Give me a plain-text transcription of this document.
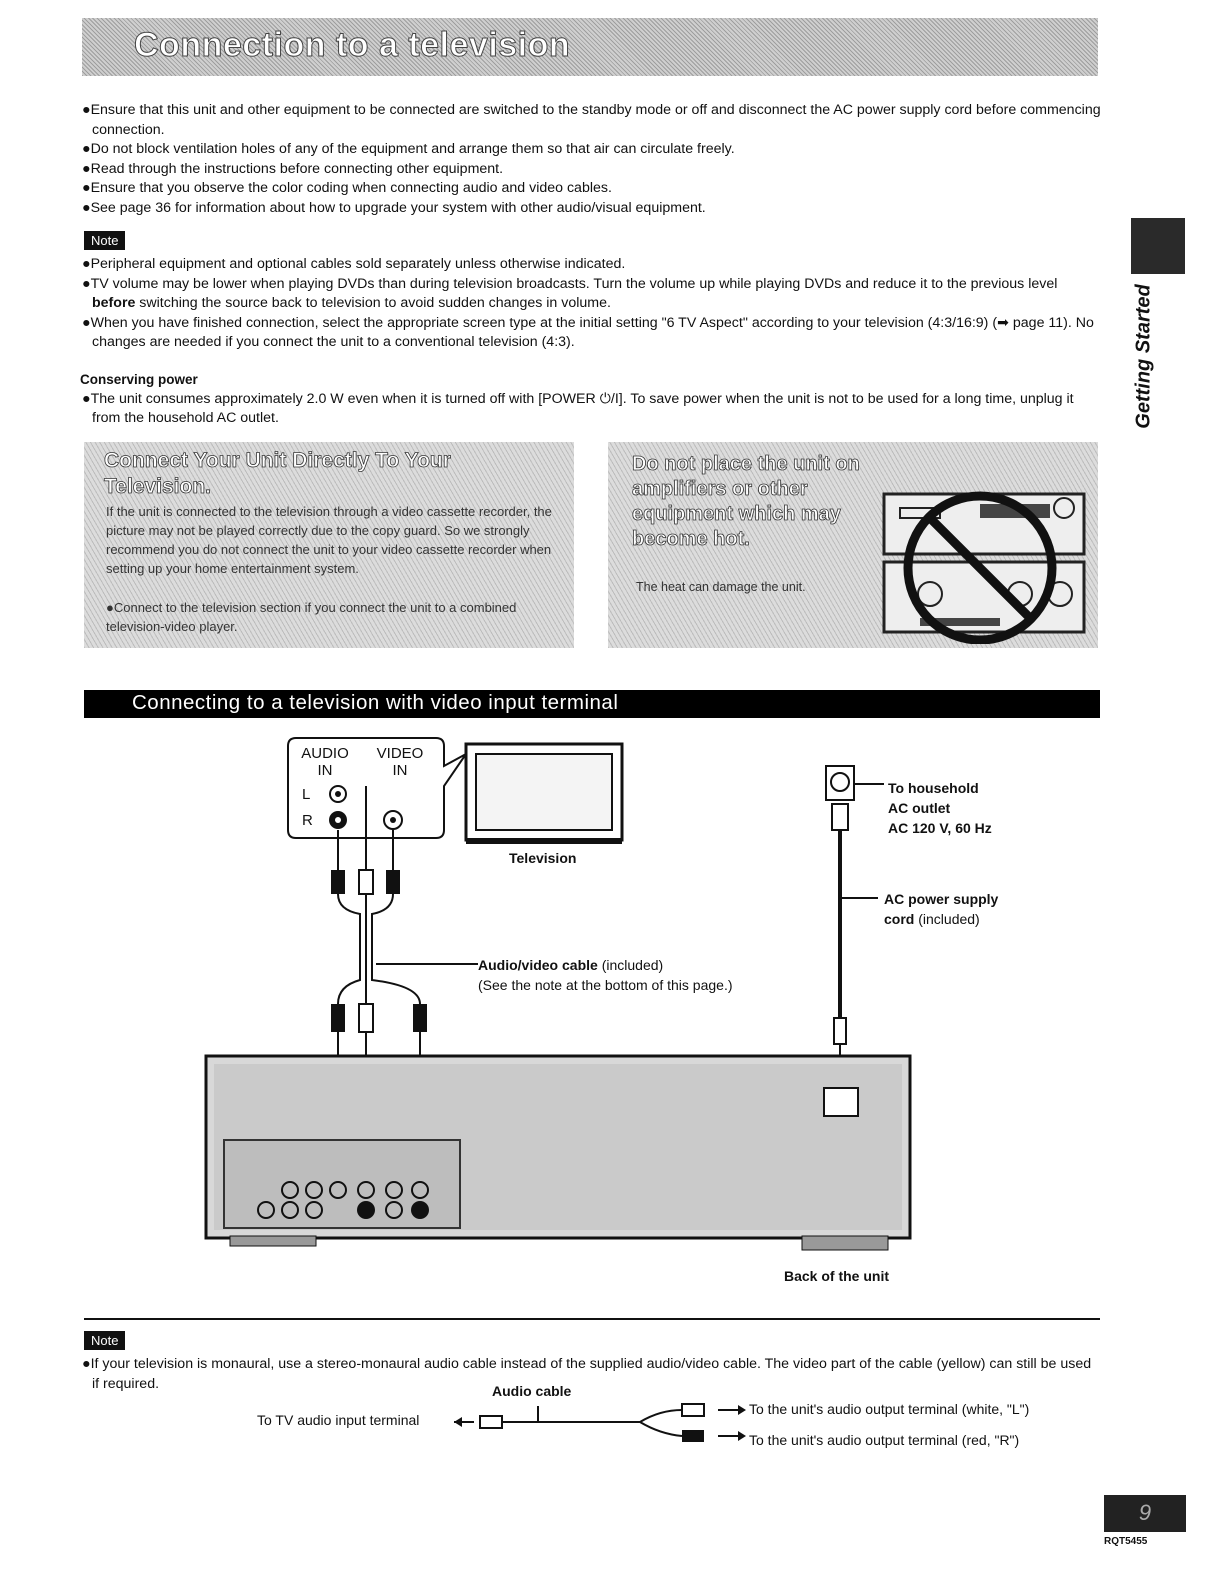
Connection to a television

●Ensure that this unit and other equipment to be connected are switched to the standby mode or off and disconnect the AC power supply cord before commencing connection.

●Do not block ventilation holes of any of the equipment and arrange them so that air can circulate freely.

●Read through the instructions before connecting other equipment.

●Ensure that you observe the color coding when connecting audio and video cables.

●See page 36 for information about how to upgrade your system with other audio/visual equipment.

Note

●Peripheral equipment and optional cables sold separately unless otherwise indicated.

●TV volume may be lower when playing DVDs than during television broadcasts. Turn the volume up while playing DVDs and reduce it to the previous level before switching the source back to television to avoid sudden changes in volume.

●When you have finished connection, select the appropriate screen type at the initial setting "6 TV Aspect" according to your television (4:3/16:9) (➡ page 11). No changes are needed if you connect the unit to a conventional television (4:3).

Conserving power

●The unit consumes approximately 2.0 W even when it is turned off with [POWER ⏻/I]. To save power when the unit is not to be used for a long time, unplug it from the household AC outlet.	Getting Started
Connect Your Unit Directly To Your Television.
If the unit is connected to the television through a video cassette recorder, the picture may not be played correctly due to the copy guard. So we strongly recommend you do not connect the unit to your video cassette recorder when setting up your home entertainment system.
●Connect to the television section if you connect the unit to a combined television-video player.
Do not place the unit on amplifiers or other equipment which may become hot.
The heat can damage the unit.
Connecting to a television with video input terminal
AUDIO
IN
VIDEO
IN
L
R
Television
To household
AC outlet
AC 120 V, 60 Hz
AC power supply
cord (included)
Audio/video cable (included)
(See the note at the bottom of this page.)
Back of the unit
Note

●If your television is monaural, use a stereo-monaural audio cable instead of the supplied audio/video cable. The video part of the cable (yellow) can still be used if required.	Audio cable
To TV audio input terminal
To the unit's audio output terminal (white, "L")
To the unit's audio output terminal (red, "R")
9
RQT5455
